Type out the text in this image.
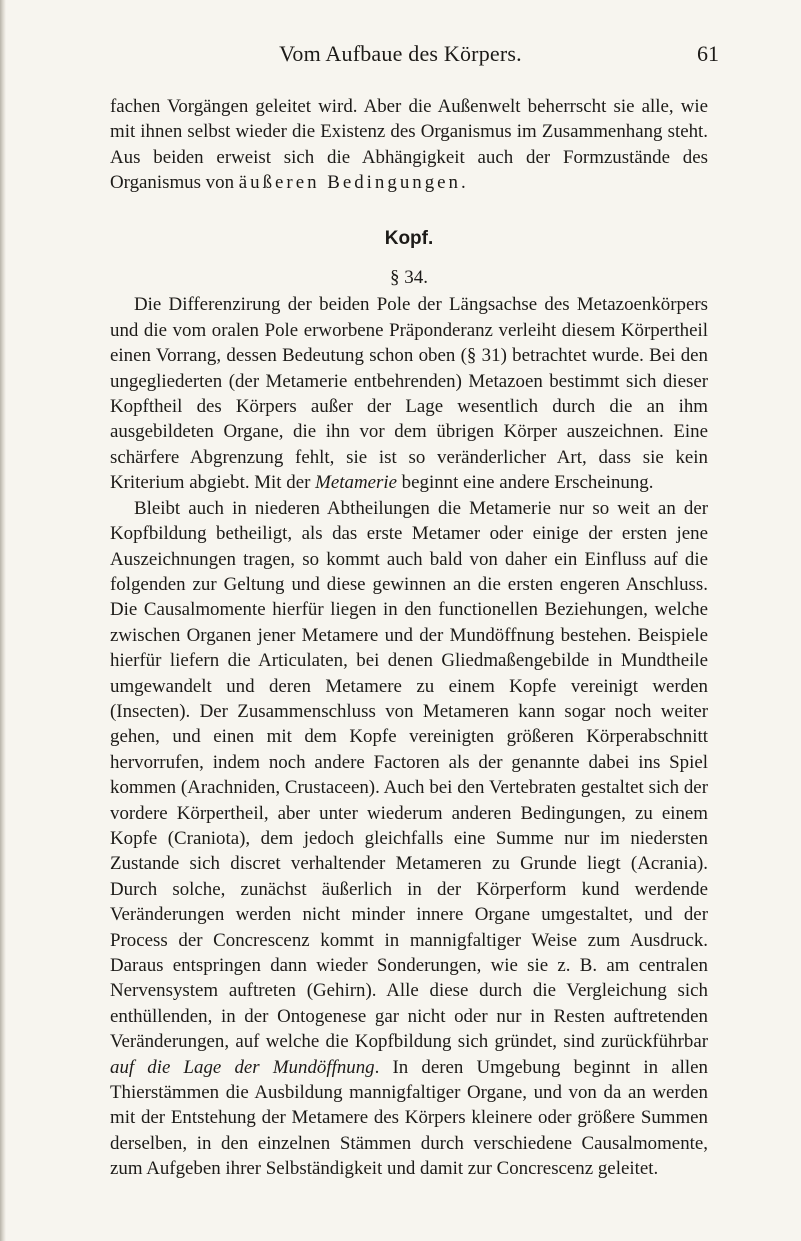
Vom Aufbaue des Körpers.	61

fachen Vorgängen geleitet wird. Aber die Außenwelt beherrscht sie alle, wie mit ihnen selbst wieder die Existenz des Organismus im Zusammenhang steht. Aus beiden erweist sich die Abhängigkeit auch der Formzustände des Organismus von äußeren Bedingungen.

Kopf.

§ 34.

Die Differenzirung der beiden Pole der Längsachse des Metazoenkörpers und die vom oralen Pole erworbene Präponderanz verleiht diesem Körpertheil einen Vorrang, dessen Bedeutung schon oben (§ 31) betrachtet wurde. Bei den ungegliederten (der Metamerie entbehrenden) Metazoen bestimmt sich dieser Kopftheil des Körpers außer der Lage wesentlich durch die an ihm ausgebildeten Organe, die ihn vor dem übrigen Körper auszeichnen. Eine schärfere Abgrenzung fehlt, sie ist so veränderlicher Art, dass sie kein Kriterium abgiebt. Mit der Metamerie beginnt eine andere Erscheinung.

Bleibt auch in niederen Abtheilungen die Metamerie nur so weit an der Kopfbildung betheiligt, als das erste Metamer oder einige der ersten jene Auszeichnungen tragen, so kommt auch bald von daher ein Einfluss auf die folgenden zur Geltung und diese gewinnen an die ersten engeren Anschluss. Die Causalmomente hierfür liegen in den functionellen Beziehungen, welche zwischen Organen jener Metamere und der Mundöffnung bestehen. Beispiele hierfür liefern die Articulaten, bei denen Gliedmaßengebilde in Mundtheile umgewandelt und deren Metamere zu einem Kopfe vereinigt werden (Insecten). Der Zusammenschluss von Metameren kann sogar noch weiter gehen, und einen mit dem Kopfe vereinigten größeren Körperabschnitt hervorrufen, indem noch andere Factoren als der genannte dabei ins Spiel kommen (Arachniden, Crustaceen). Auch bei den Vertebraten gestaltet sich der vordere Körpertheil, aber unter wiederum anderen Bedingungen, zu einem Kopfe (Craniota), dem jedoch gleichfalls eine Summe nur im niedersten Zustande sich discret verhaltender Metameren zu Grunde liegt (Acrania). Durch solche, zunächst äußerlich in der Körperform kund werdende Veränderungen werden nicht minder innere Organe umgestaltet, und der Process der Concrescenz kommt in mannigfaltiger Weise zum Ausdruck. Daraus entspringen dann wieder Sonderungen, wie sie z. B. am centralen Nervensystem auftreten (Gehirn). Alle diese durch die Vergleichung sich enthüllenden, in der Ontogenese gar nicht oder nur in Resten auftretenden Veränderungen, auf welche die Kopfbildung sich gründet, sind zurückführbar auf die Lage der Mundöffnung. In deren Umgebung beginnt in allen Thierstämmen die Ausbildung mannigfaltiger Organe, und von da an werden mit der Entstehung der Metamere des Körpers kleinere oder größere Summen derselben, in den einzelnen Stämmen durch verschiedene Causalmomente, zum Aufgeben ihrer Selbständigkeit und damit zur Concrescenz geleitet.
